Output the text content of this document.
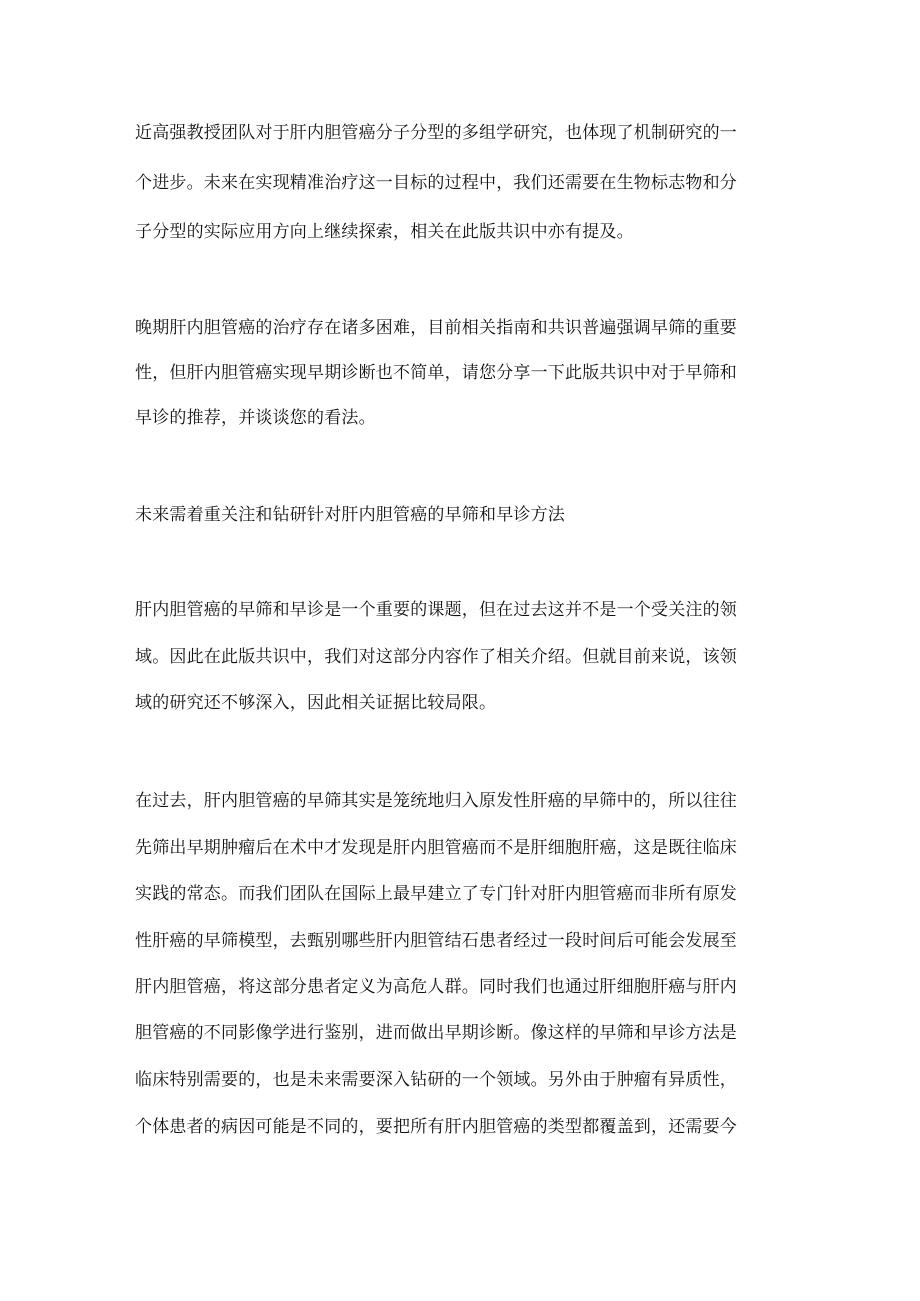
近高强教授团队对于肝内胆管癌分子分型的多组学研究，也体现了机制研究的一

个进步。未来在实现精准治疗这一目标的过程中，我们还需要在生物标志物和分

子分型的实际应用方向上继续探索，相关在此版共识中亦有提及。

晚期肝内胆管癌的治疗存在诸多困难，目前相关指南和共识普遍强调早筛的重要

性，但肝内胆管癌实现早期诊断也不简单，请您分享一下此版共识中对于早筛和

早诊的推荐，并谈谈您的看法。

未来需着重关注和钻研针对肝内胆管癌的早筛和早诊方法

肝内胆管癌的早筛和早诊是一个重要的课题，但在过去这并不是一个受关注的领

域。因此在此版共识中，我们对这部分内容作了相关介绍。但就目前来说，该领

域的研究还不够深入，因此相关证据比较局限。

在过去，肝内胆管癌的早筛其实是笼统地归入原发性肝癌的早筛中的，所以往往

先筛出早期肿瘤后在术中才发现是肝内胆管癌而不是肝细胞肝癌，这是既往临床

实践的常态。而我们团队在国际上最早建立了专门针对肝内胆管癌而非所有原发

性肝癌的早筛模型，去甄别哪些肝内胆管结石患者经过一段时间后可能会发展至

肝内胆管癌，将这部分患者定义为高危人群。同时我们也通过肝细胞肝癌与肝内

胆管癌的不同影像学进行鉴别，进而做出早期诊断。像这样的早筛和早诊方法是

临床特别需要的，也是未来需要深入钻研的一个领域。另外由于肿瘤有异质性，

个体患者的病因可能是不同的，要把所有肝内胆管癌的类型都覆盖到，还需要今
